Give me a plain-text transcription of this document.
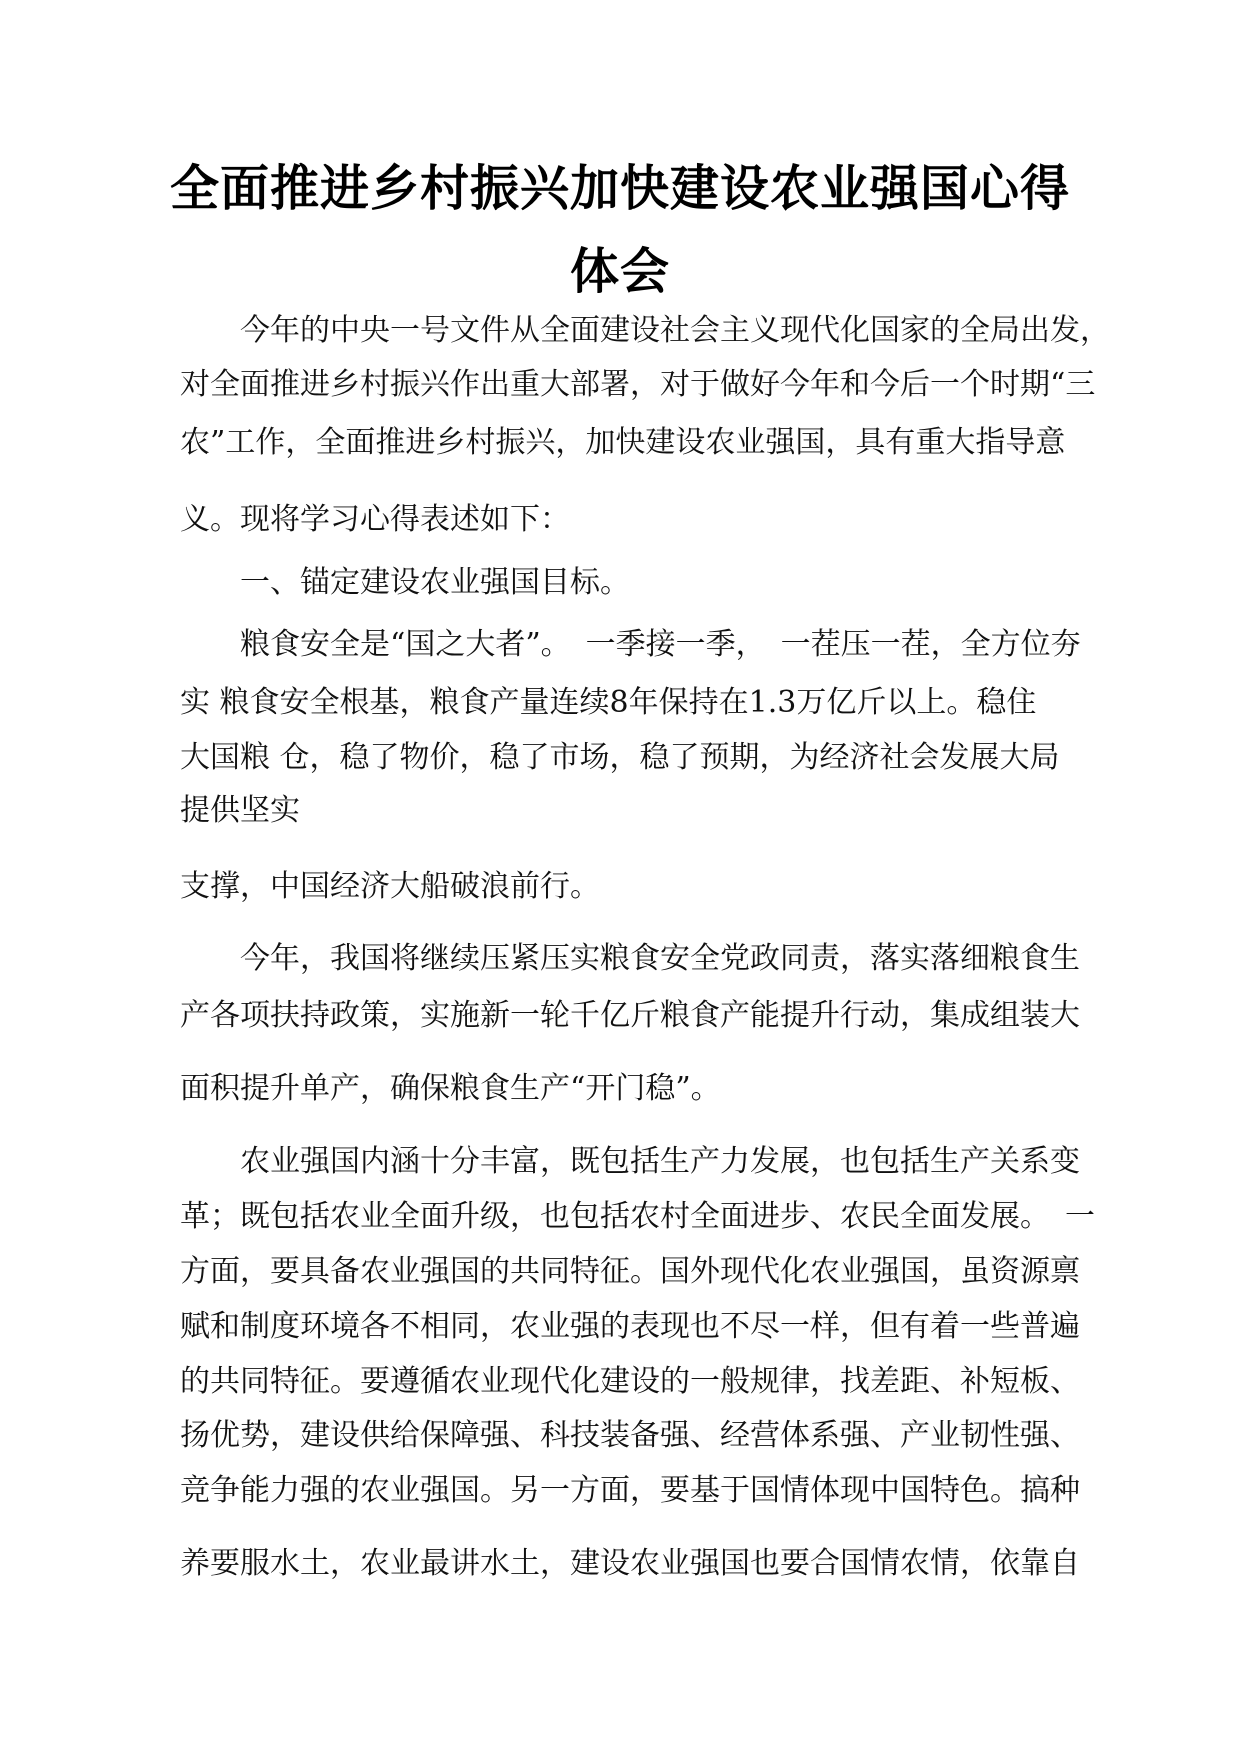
全面推进乡村振兴加快建设农业强国心得
体会
今年的中央一号文件从全面建设社会主义现代化国家的全局出发，
对全面推进乡村振兴作出重大部署，对于做好今年和今后一个时期“三
农”工作，全面推进乡村振兴，加快建设农业强国，具有重大指导意
义。现将学习心得表述如下：
一、锚定建设农业强国目标。
粮食安全是“国之大者”。　一季接一季，　一茬压一茬，全方位夯
实 粮食安全根基，粮食产量连续8年保持在1.3万亿斤以上。稳住
大国粮 仓，稳了物价，稳了市场，稳了预期，为经济社会发展大局
提供坚实
支撑，中国经济大船破浪前行。
今年，我国将继续压紧压实粮食安全党政同责，落实落细粮食生
产各项扶持政策，实施新一轮千亿斤粮食产能提升行动，集成组装大
面积提升单产，确保粮食生产“开门稳”。
农业强国内涵十分丰富，既包括生产力发展，也包括生产关系变
革；既包括农业全面升级，也包括农村全面进步、农民全面发展。　一
方面，要具备农业强国的共同特征。国外现代化农业强国，虽资源禀
赋和制度环境各不相同，农业强的表现也不尽一样，但有着一些普遍
的共同特征。要遵循农业现代化建设的一般规律，找差距、补短板、
扬优势，建设供给保障强、科技装备强、经营体系强、产业韧性强、
竞争能力强的农业强国。另一方面，要基于国情体现中国特色。搞种
养要服水土，农业最讲水土，建设农业强国也要合国情农情，依靠自
